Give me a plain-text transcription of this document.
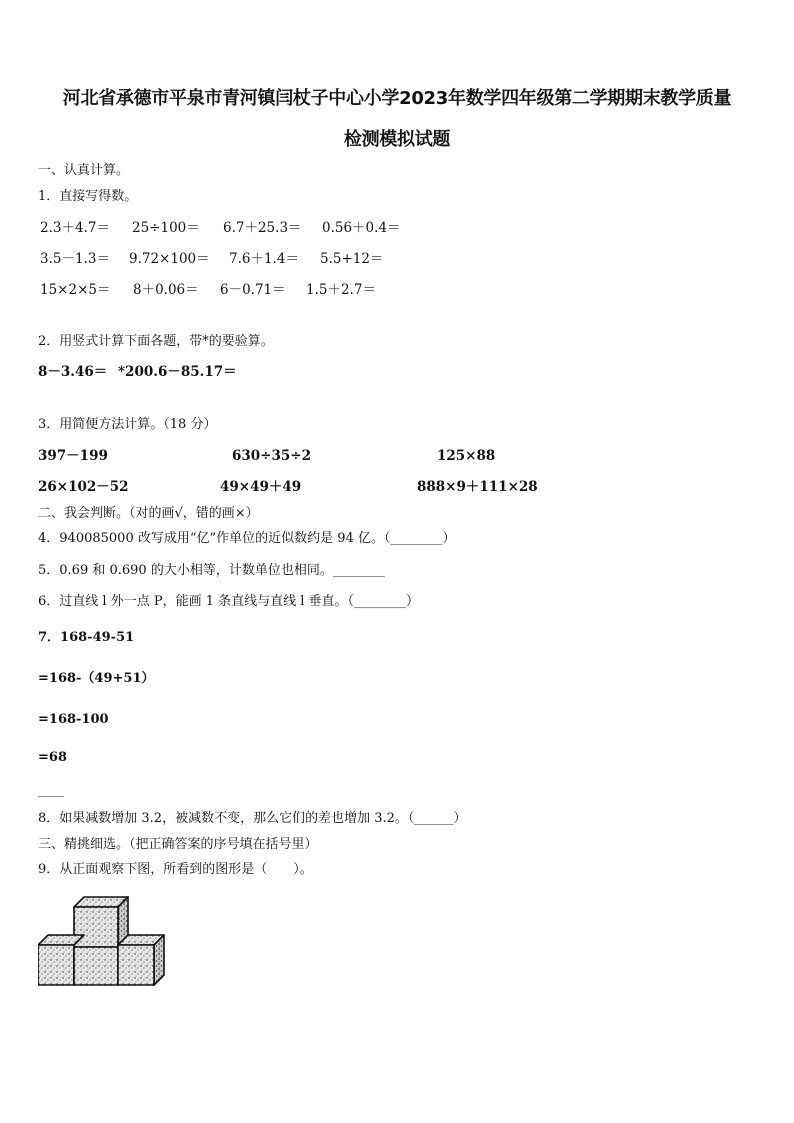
河北省承德市平泉市青河镇闫杖子中心小学2023年数学四年级第二学期期末教学质量
检测模拟试题
一、认真计算。
1．直接写得数。
2.3＋4.7＝ 25÷100＝ 6.7＋25.3＝ 0.56＋0.4＝
3.5－1.3＝ 9.72×100＝ 7.6＋1.4＝ 5.5+12＝
15×2×5＝ 8＋0.06＝ 6－0.71＝ 1.5＋2.7＝
2．用竖式计算下面各题，带*的要验算。
8－3.46＝ *200.6－85.17＝
3．用简便方法计算。（18 分）
397－199	630÷35÷2	125×88
26×102－52	49×49＋49	888×9＋111×28
二、我会判断。（对的画√，错的画×）
4．940085000 改写成用“亿”作单位的近似数约是 94 亿。（________）
5．0.69 和 0.690 的大小相等，计数单位也相同。________
6．过直线 l 外一点 P，能画 1 条直线与直线 l 垂直。（________）
7．168-49-51
=168-（49+51）
=168-100
=68
____
8．如果减数增加 3.2，被减数不变，那么它们的差也增加 3.2。（______）
三、精挑细选。（把正确答案的序号填在括号里）
9．从正面观察下图，所看到的图形是（　　）。
